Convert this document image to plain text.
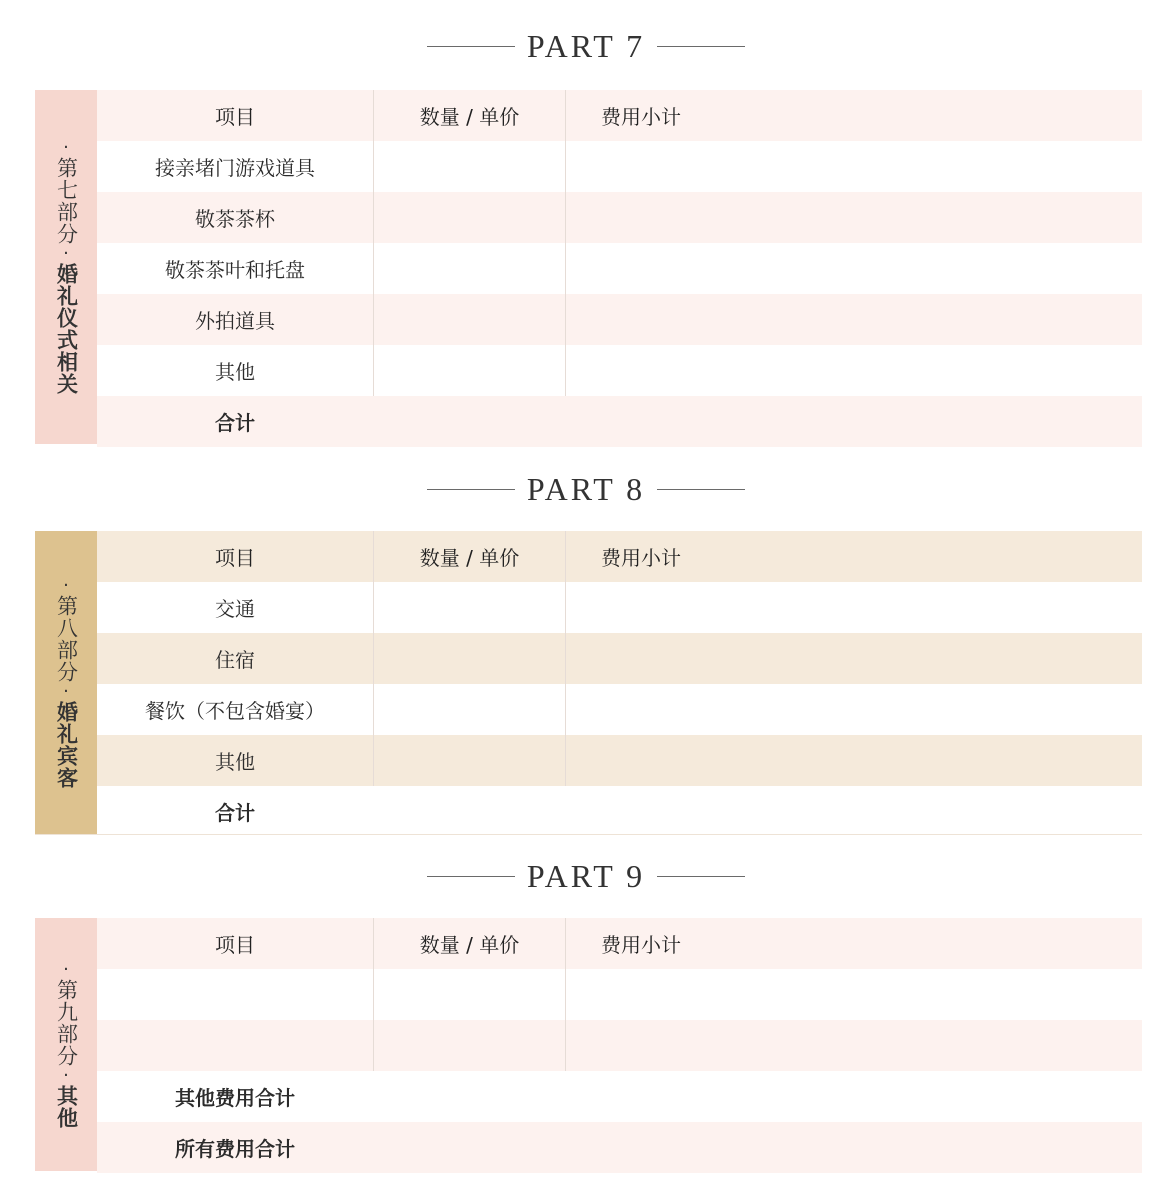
PART 7
·
第七部分
·
婚礼仪式相关
项目	数量 / 单价	费用小计
接亲堵门游戏道具
敬茶茶杯
敬茶茶叶和托盘
外拍道具
其他
合计
PART 8
·
第八部分
·
婚礼宾客
项目	数量 / 单价	费用小计
交通
住宿
餐饮（不包含婚宴）
其他
合计
PART 9
·
第九部分
·
其他
项目	数量 / 单价	费用小计
其他费用合计
所有费用合计
